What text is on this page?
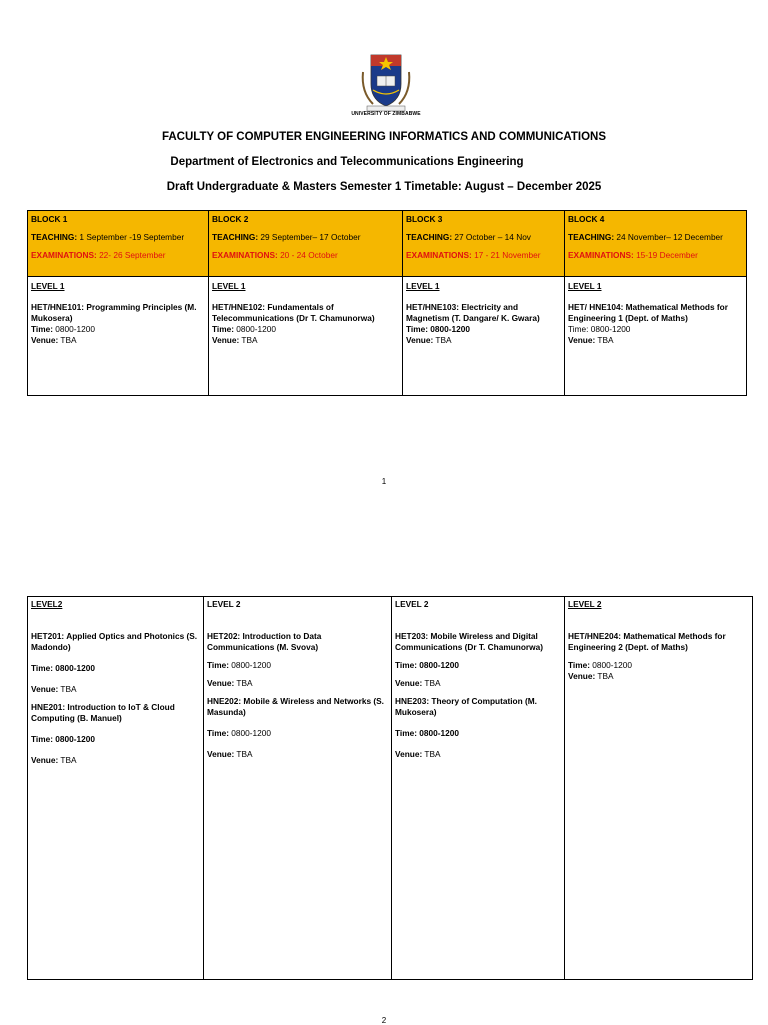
UNIVERSITY OF ZIMBABWE
FACULTY OF COMPUTER ENGINEERING INFORMATICS AND COMMUNICATIONS
Department of Electronics and Telecommunications Engineering
Draft Undergraduate & Masters Semester 1 Timetable: August – December 2025
BLOCK 1
TEACHING: 1 September -19 September
EXAMINATIONS: 22- 26 September	BLOCK 2
TEACHING: 29 September– 17 October
EXAMINATIONS: 20 - 24 October	BLOCK 3
TEACHING: 27 October – 14 Nov
EXAMINATIONS: 17 - 21 November	BLOCK 4
TEACHING: 24 November– 12 December
EXAMINATIONS: 15-19 December

LEVEL 1
HET/HNE101: Programming Principles (M. Mukosera)
Time: 0800-1200
Venue: TBA	LEVEL 1
HET/HNE102: Fundamentals of Telecommunications (Dr T. Chamunorwa)
Time: 0800-1200
Venue: TBA	LEVEL 1
HET/HNE103: Electricity and Magnetism (T. Dangare/ K. Gwara)
Time: 0800-1200
Venue: TBA	LEVEL 1
HET/ HNE104: Mathematical Methods for Engineering 1 (Dept. of Maths)
Time: 0800-1200
Venue: TBA
1
LEVEL2
HET201: Applied Optics and Photonics (S. Madondo)
Time: 0800-1200
Venue: TBA
HNE201: Introduction to IoT & Cloud Computing (B. Manuel)
Time: 0800-1200
Venue: TBA

LEVEL 2
HET202: Introduction to Data Communications (M. Svova)
Time: 0800-1200
Venue: TBA
HNE202: Mobile & Wireless and Networks (S. Masunda)
Time: 0800-1200
Venue: TBA

LEVEL 2
HET203: Mobile Wireless and Digital Communications (Dr T. Chamunorwa)
Time: 0800-1200
Venue: TBA
HNE203: Theory of Computation (M. Mukosera)
Time: 0800-1200
Venue: TBA

LEVEL 2
HET/HNE204: Mathematical Methods for Engineering 2 (Dept. of Maths)
Time: 0800-1200
Venue: TBA
2
